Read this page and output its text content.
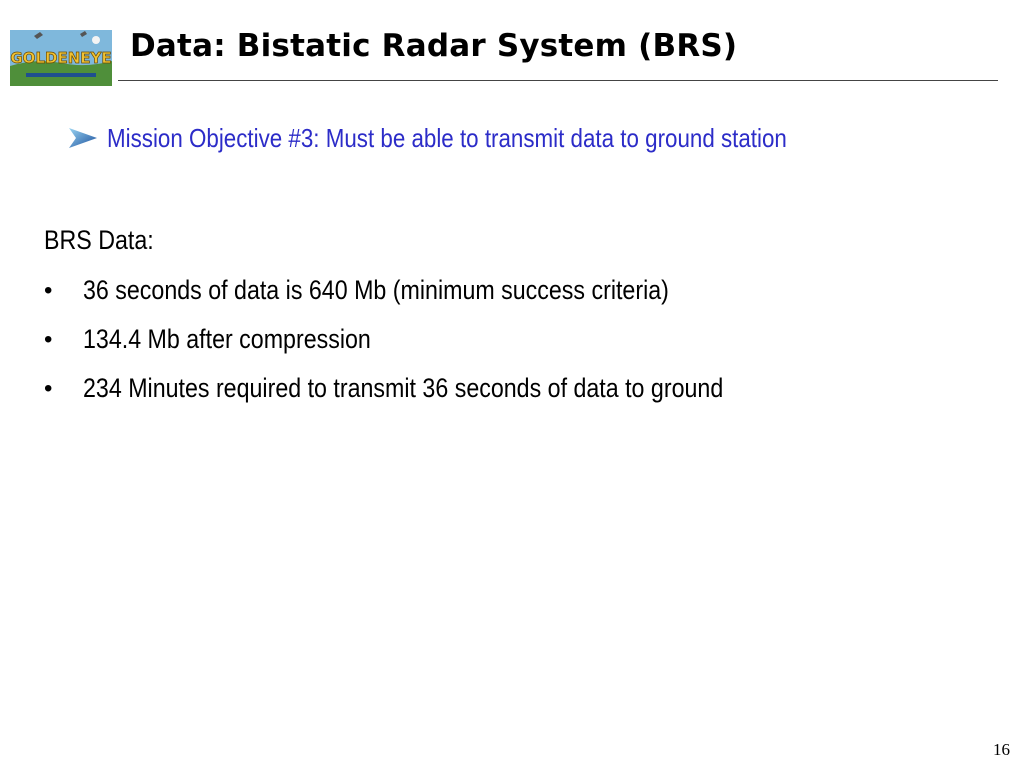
GOLDENEYE Data: Bistatic Radar System (BRS)
Mission Objective #3: Must be able to transmit data to ground station
BRS Data:
•	36 seconds of data is 640 Mb (minimum success criteria)
•	134.4 Mb after compression
•	234 Minutes required to transmit 36 seconds of data to ground
16
